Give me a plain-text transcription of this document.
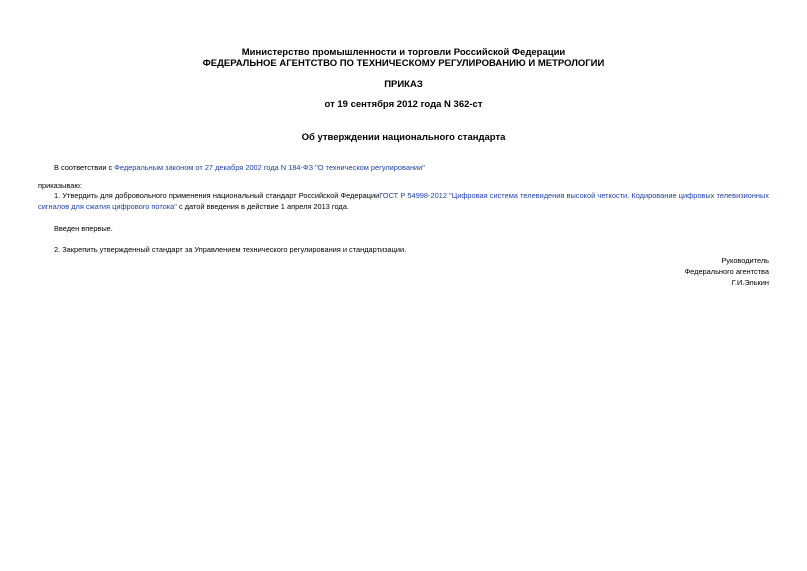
Министерство промышленности и торговли Российской Федерации
ФЕДЕРАЛЬНОЕ АГЕНТСТВО ПО ТЕХНИЧЕСКОМУ РЕГУЛИРОВАНИЮ И МЕТРОЛОГИИ
ПРИКАЗ
от 19 сентября 2012 года N 362-ст
Об утверждении национального стандарта
В соответствии с Федеральным законом от 27 декабря 2002 года N 184-ФЗ "О техническом регулировании"
приказываю:
1. Утвердить для добровольного применения национальный стандарт Российской ФедерацииГОСТ Р 54998-2012 "Цифровая система телевидения высокой четкости. Кодирование цифровых телевизионных сигналов для сжатия цифрового потока" с датой введения в действие 1 апреля 2013 года.
Введен впервые.
2. Закрепить утвержденный стандарт за Управлением технического регулирования и стандартизации.
Руководитель
Федерального агентства
Г.И.Элькин
